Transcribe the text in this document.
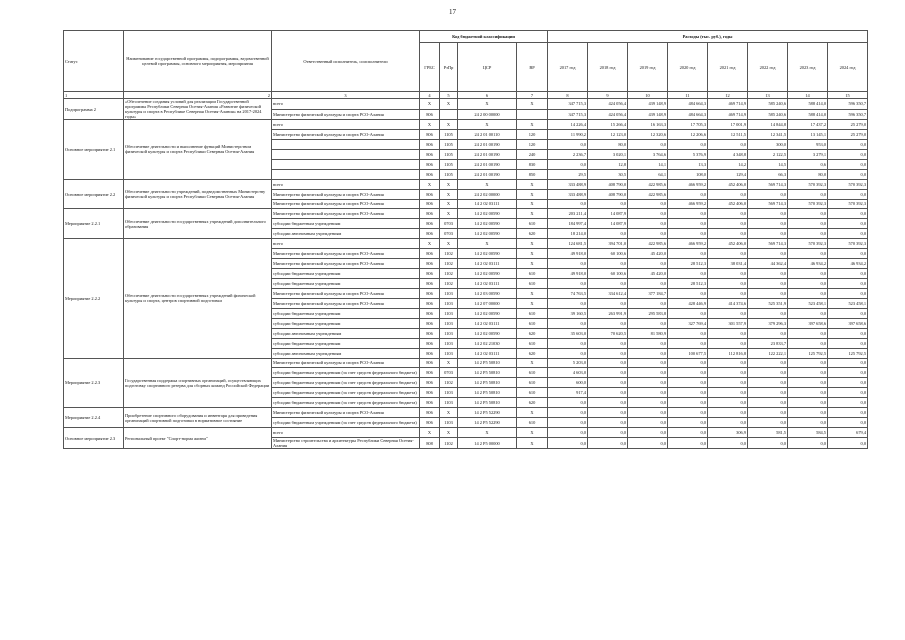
17
Статус	Наименование государственной программы, подпрограммы, ведомственной целевой программы, основного мероприятия, мероприятия	Ответственный исполнитель, соисполнители	Код бюджетной классификации				Расходы (тыс. руб.), годы							
			ГРБС	РзПр	ЦСР	ВР	2017 год	2018 год	2019 год	2020 год	2021 год	2022 год	2023 год	2024 год
1	2	3	4	5	6	7	8	9	10	11	12	13	14	15
Подпрограмма 2	«Обеспечение создания условий для реализации Государственной программы Республики Северная Осетия-Алания «Развитие физической культуры и спорта в Республике Северная Осетия-Алания» на 2017-2024 годы»	всего	X	X	X	X	347 715,3	424 056,4	439 148,9	484 664,3	469 714,9	585 240,6	588 414,0	596 350,7
		Министерство физической культуры и спорта РСО-Алания	806		24 2 00 00000		347 715,3	424 056,4	439 148,9	484 664,3	469 714,9	585 240,6	588 414,0	596 350,7
Основное мероприятие 2.1	Обеспечение деятельности и выполнение функций Министерством физической культуры и спорта Республики Северная Осетия-Алания	всего	X	X	X	X	14 226,4	15 266,4	16 163,3	17 705,3	17 001,9	14 844,8	17 437,2	25 279,0
		Министерство физической культуры и спорта РСО-Алания	806	1105	24 2 01 00110	120	11 990,2	12 123,0	12 320,6	12 206,6	12 511,5	12 341,5	13 145,1	25 279,0
			806	1105	24 2 01 00190	120	0,0	80,0	0,0	0,0	0,0	300,0	953,0	0,0
			806	1105	24 2 01 00190	240	2 236,7	3 020,1	3 764,6	5 376,9	4 348,8	2 122,5	3 279,1	0,0
			806	1105	24 2 01 00190	830	0,0	12,8	14,1	13,3	14,2	14,5	0,6	0,0
			806	1105	24 2 01 00190	850	29,5	30,5	64,1	108,0	129,4	66,3	80,0	0,0
Основное мероприятие 2.2	Обеспечение деятельности учреждений, подведомственных Министерству физической культуры и спорта Республики Северная Осетия-Алания	всего	X	X	X	X	333 488,9	408 790,0	422 985,6	466 959,2	452 406,0	569 714,3	570 392,3	570 392,3
		Министерство физической культуры и спорта РСО-Алания	806	X	24 2 02 00000	X	333 488,9	408 790,0	422 985,6	0,0	0,0	0,0	0,0	0,0
		Министерство физической культуры и спорта РСО-Алания	806	X	14 2 02 03111	X	0,0	0,0	0,0	466 959,2	452 406,0	569 714,3	570 392,3	570 392,3
Мероприятие 2.2.1	Обеспечение деятельности государственных учреждений дополнительного образования	Министерство физической культуры и спорта РСО-Алания	806	X	14 2 02 00590	X	203 211,4	14 087,9	0,0	0,0	0,0	0,0	0,0	0,0
		субсидии бюджетным учреждениям	806	0703	14 2 02 00590	610	184 997,4	14 087,9	0,0	0,0	0,0	0,0	0,0	0,0
		субсидии автономным учреждениям	806	0703	14 2 02 00590	620	18 214,0	0,0	0,0	0,0	0,0	0,0	0,0	0,0
Мероприятие 2.2.2	Обеспечение деятельности государственных учреждений физической культуры и спорта, центров спортивной подготовки	всего	X	X	X	X	124 681,5	394 701,0	422 985,6	466 959,2	452 406,0	569 714,3	570 392,3	570 392,3
		Министерство физической культуры и спорта РСО-Алания	806	1102	14 2 02 00590	X	49 918,0	60 100,6	45 420,0	0,0	0,0	0,0	0,0	0,0
		Министерство физической культуры и спорта РСО-Алания	806	1102	14 2 02 03111	X	0,0	0,0	0,0	28 512,3	38 031,4	44 362,4	46 934,2	46 934,2
		субсидии бюджетным учреждениям	806	1102	14 2 02 00590	610	49 918,0	60 100,6	45 420,0	0,0	0,0	0,0	0,0	0,0
		субсидии бюджетным учреждениям	806	1102	14 2 02 03111	610	0,0	0,0	0,0	28 512,3	0,0	0,0	0,0	0,0
		Министерство физической культуры и спорта РСО-Алания	806	1103	14 2 03 00590	X	74 763,5	334 612,4	377 184,7	0,0	0,0	0,0	0,0	0,0
		Министерство физической культуры и спорта РСО-Алания	806	1103	14 2 07 00000	X	0,0	0,0	0,0	428 446,9	414 374,6	525 351,9	523 458,1	523 458,1
		субсидии бюджетным учреждениям	806	1103	14 2 02 00590	610	39 160,5	263 991,9	295 583,8	0,0	0,0	0,0	0,0	0,0
		субсидии бюджетным учреждениям	806	1103	14 2 02 03111	610	0,0	0,0	0,0	327 769,4	301 557,9	379 296,3	397 658,6	397 658,6
		субсидии автономным учреждениям	806	1103	14 2 02 00590	620	35 603,0	70 620,5	81 580,9	0,0	0,0	0,0	0,0	0,0
		субсидии бюджетным учреждениям	806	1103	14 2 02 21030	610	0,0	0,0	0,0	0,0	0,0	23 833,7	0,0	0,0
		субсидии автономным учреждениям	806	1103	14 2 02 03111	620	0,0	0,0	0,0	100 677,5	112 816,8	122 222,1	125 792,5	125 792,5
Мероприятие 2.2.3	Государственная поддержка спортивных организаций, осуществляющих подготовку спортивного резерва для сборных команд Российской Федерации	Министерство физической культуры и спорта РСО-Алания	806	X	14 2 P5 50810	X	5 203,0	0,0	0,0	0,0	0,0	0,0	0,0	0,0
		субсидии бюджетным учреждениям (за счет средств федерального бюджета)	806	0703	14 2 P5 50810	610	4 603,0	0,0	0,0	0,0	0,0	0,0	0,0	0,0
		субсидии бюджетным учреждениям (за счет средств федерального бюджета)	806	1102	14 2 P5 50810	610	600,0	0,0	0,0	0,0	0,0	0,0	0,0	0,0
		субсидии бюджетным учреждениям (за счет средств федерального бюджета)	806	1103	14 2 P5 50810	610	917,4	0,0	0,0	0,0	0,0	0,0	0,0	0,0
		субсидии бюджетным учреждениям (за счет средств федерального бюджета)	806	1103	14 2 P5 50810	620	0,0	0,0	0,0	0,0	0,0	0,0	0,0	0,0
Мероприятие 2.2.4	Приобретение спортивного оборудования и инвентаря для приведения организаций спортивной подготовки в нормативное состояние	Министерство физической культуры и спорта РСО-Алания	806	X	14 2 P5 52290	X	0,0	0,0	0,0	0,0	0,0	0,0	0,0	0,0
		субсидии бюджетным учреждениям (за счет средств федерального бюджета)	806	1103	14 2 P5 52290	610	0,0	0,0	0,0	0,0	0,0	0,0	0,0	0,0
Основное мероприятие 2.3	Региональный проект "Спорт-норма жизни"	всего	X	X	X	X	0,0	0,0	0,0	0,0	306,9	581,5	584,5	679,4
		Министерство строительства и архитектуры Республики Северная Осетия-Алания	808	1102	14 2 P5 00000	X	0,0	0,0	0,0	0,0	0,0	0,0	0,0	0,0
